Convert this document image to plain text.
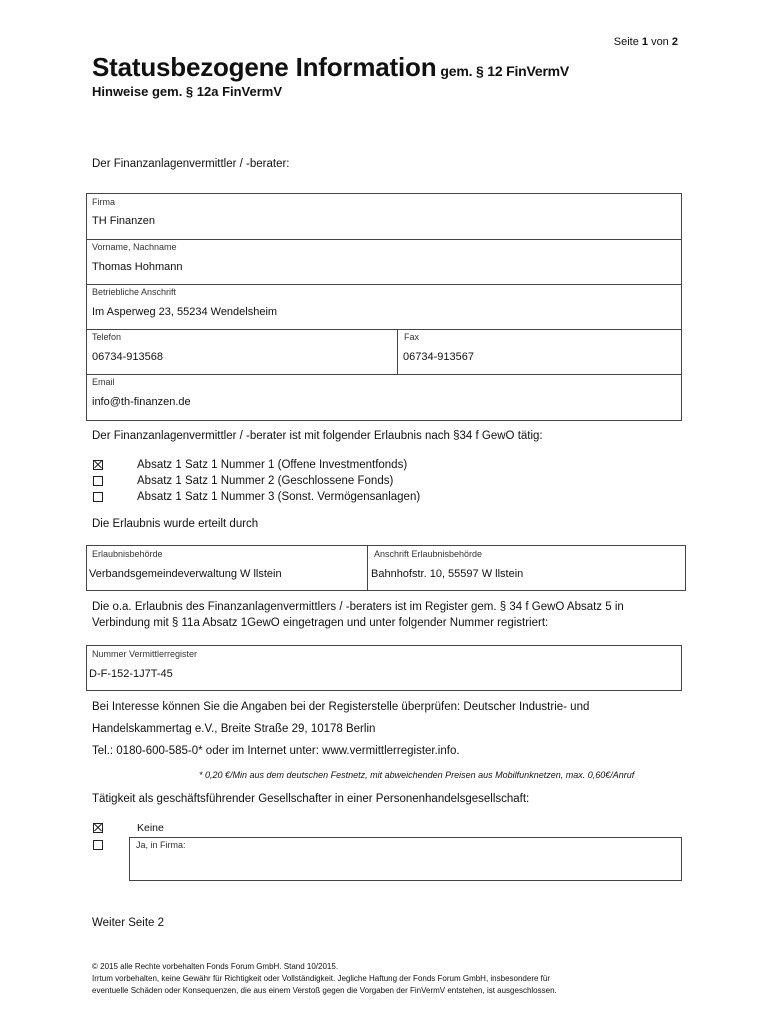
Seite 1 von 2
Statusbezogene Information gem. § 12 FinVermV
Hinweise gem. § 12a FinVermV
Der Finanzanlagenvermittler / -berater:
Firma
TH Finanzen
Vorname, Nachname
Thomas Hohmann
Betriebliche Anschrift
Im Asperweg 23, 55234 Wendelsheim
Telefon
06734-913568
Fax
06734-913567
Email
info@th-finanzen.de
Der Finanzanlagenvermittler / -berater ist mit folgender Erlaubnis nach §34 f GewO tätig:
Absatz 1 Satz 1 Nummer 1 (Offene Investmentfonds)
Absatz 1 Satz 1 Nummer 2 (Geschlossene Fonds)
Absatz 1 Satz 1 Nummer 3 (Sonst. Vermögensanlagen)
Die Erlaubnis wurde erteilt durch
Erlaubnisbehörde
Verbandsgemeindeverwaltung W llstein
Anschrift Erlaubnisbehörde
Bahnhofstr. 10, 55597 W llstein
Die o.a. Erlaubnis des Finanzanlagenvermittlers / -beraters ist im Register gem. § 34 f GewO Absatz 5 in
Verbindung mit § 11a Absatz 1GewO eingetragen und unter folgender Nummer registriert:
Nummer Vermittlerregister
D-F-152-1J7T-45
Bei Interesse können Sie die Angaben bei der Registerstelle überprüfen: Deutscher Industrie- und
Handelskammertag e.V., Breite Straße 29, 10178 Berlin
Tel.: 0180-600-585-0* oder im Internet unter: www.vermittlerregister.info.
* 0,20 €/Min aus dem deutschen Festnetz, mit abweichenden Preisen aus Mobilfunknetzen, max. 0,60€/Anruf
Tätigkeit als geschäftsführender Gesellschafter in einer Personenhandelsgesellschaft:
Keine
Ja, in Firma:
Weiter Seite 2
© 2015 alle Rechte vorbehalten Fonds Forum GmbH. Stand 10/2015.
Irrtum vorbehalten, keine Gewähr für Richtigkeit oder Vollständigkeit. Jegliche Haftung der Fonds Forum GmbH, insbesondere für
eventuelle Schäden oder Konsequenzen, die aus einem Verstoß gegen die Vorgaben der FinVermV entstehen, ist ausgeschlossen.
